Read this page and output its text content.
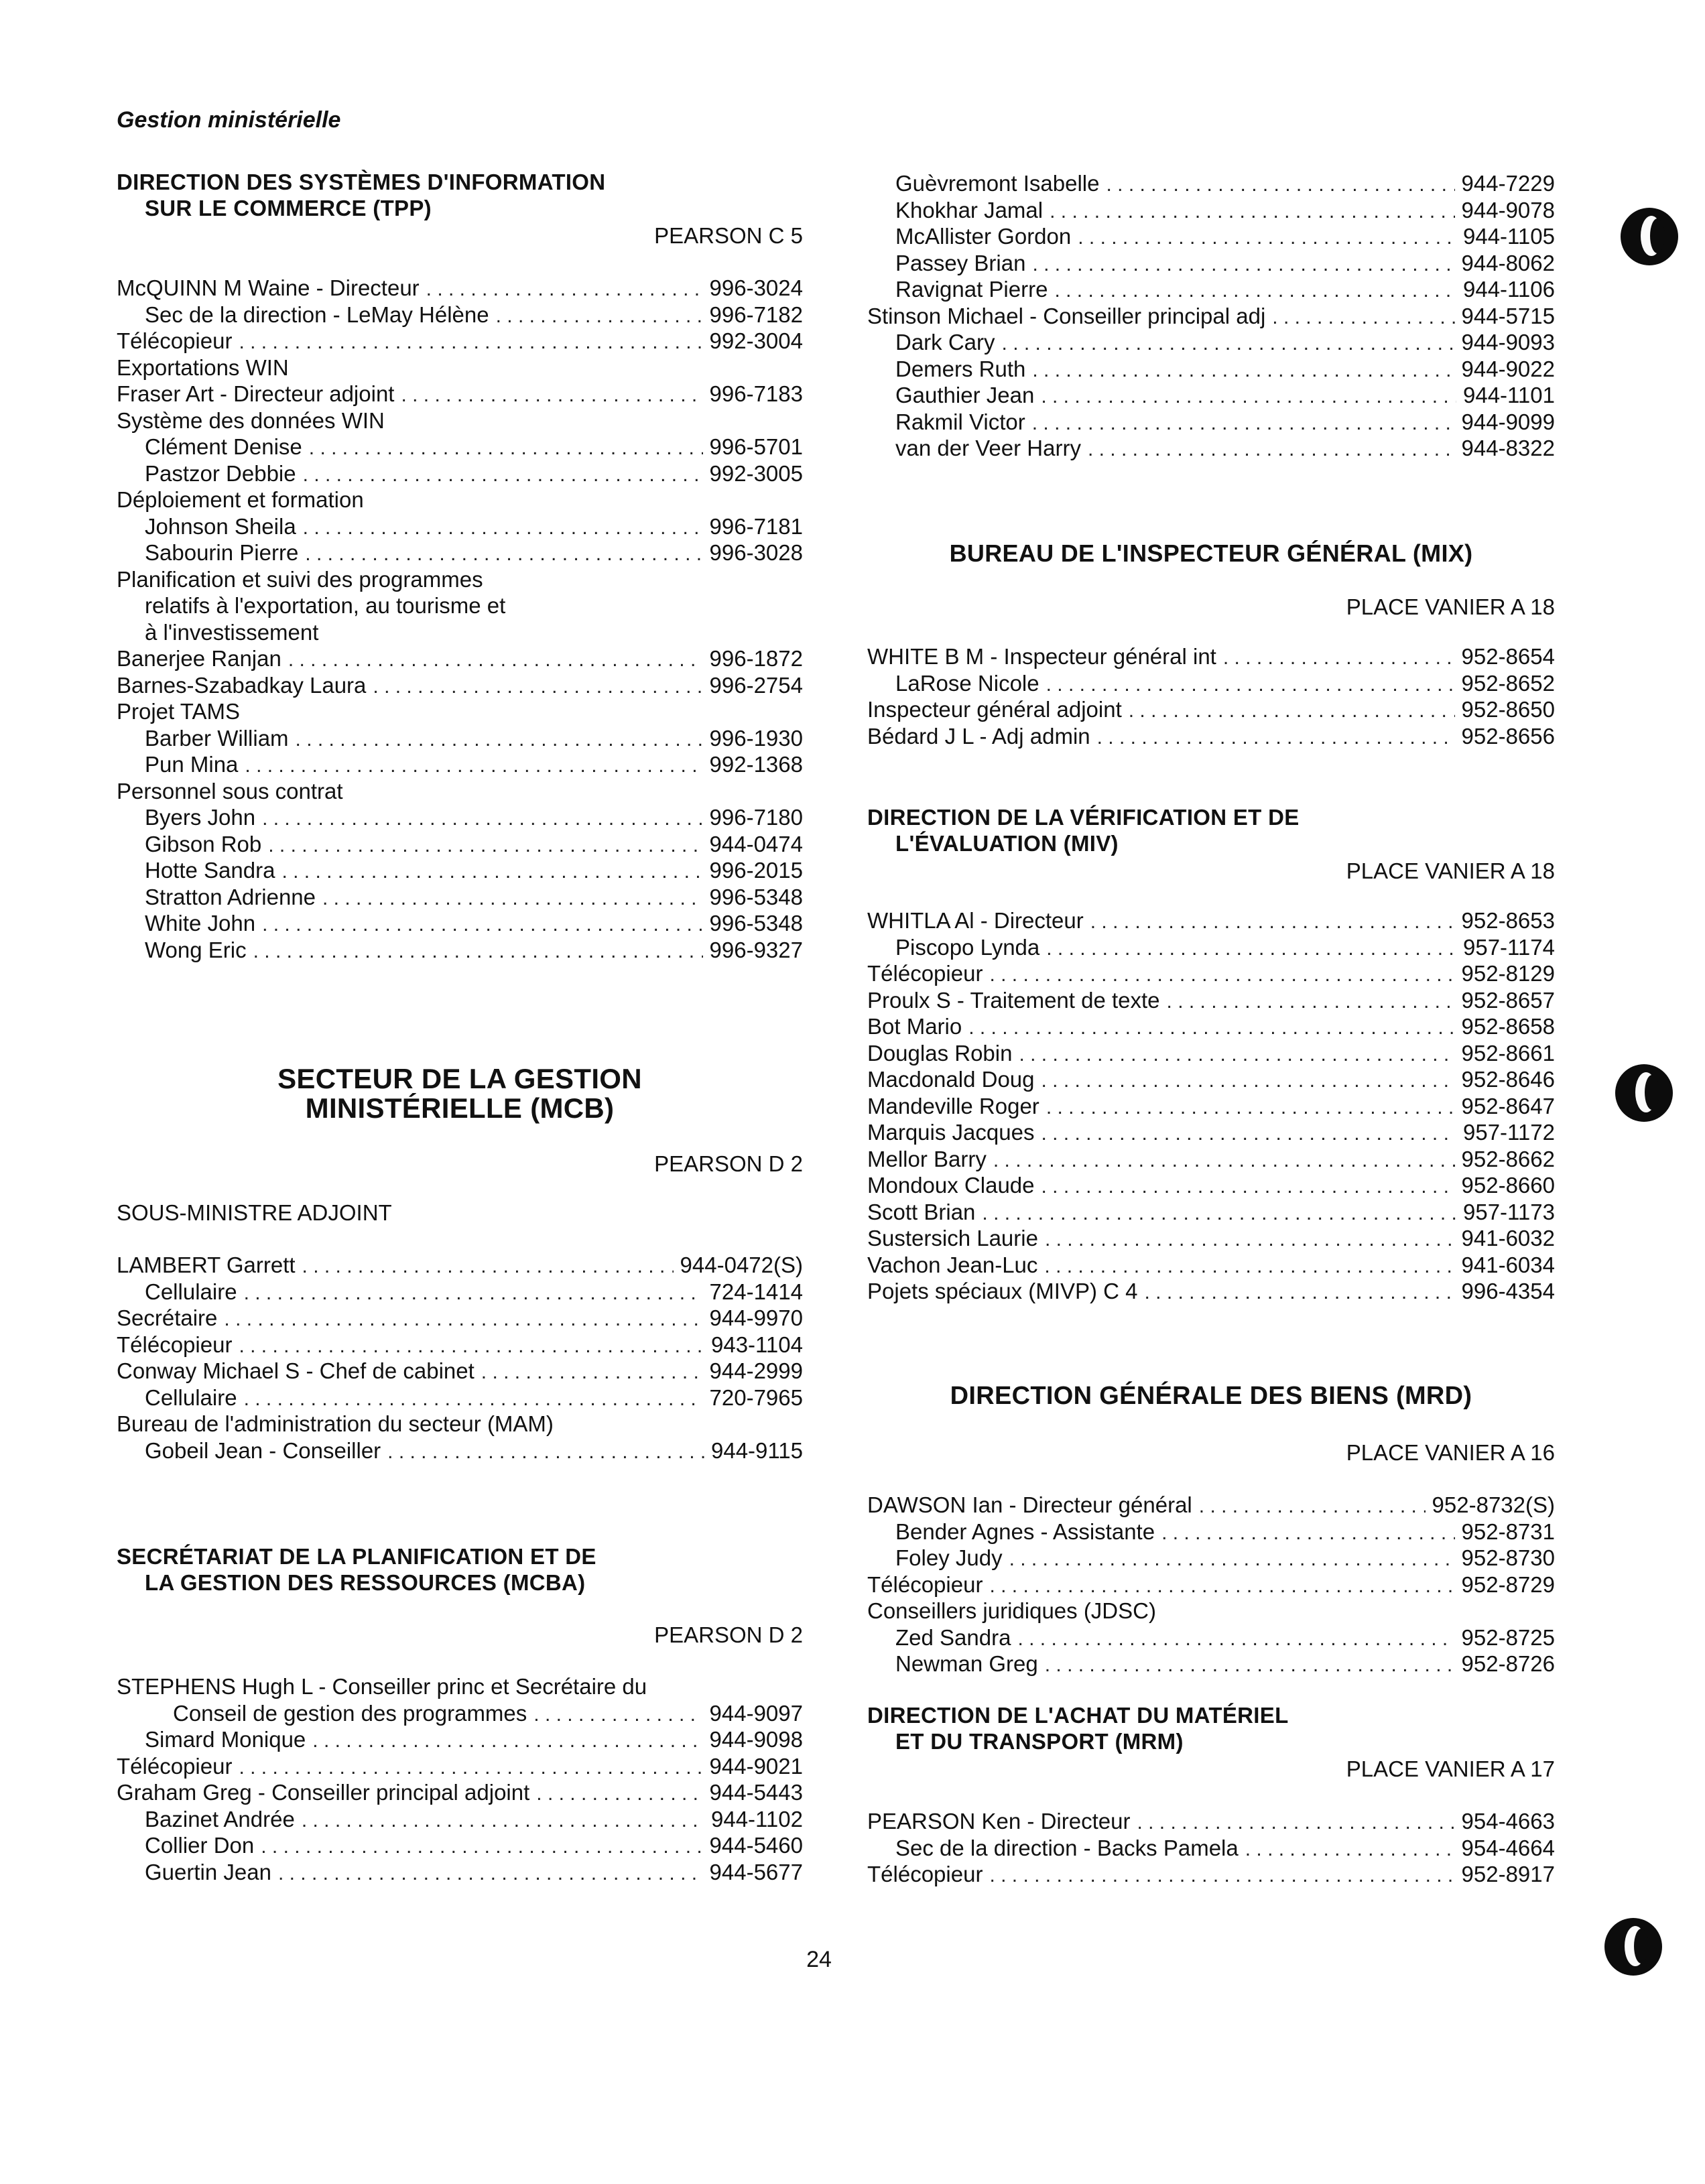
Gestion ministérielle
DIRECTION DES SYSTÈMES D'INFORMATION
SUR LE COMMERCE (TPP)
PEARSON C 5
McQUINN M Waine - Directeur . . .	996-3024
Sec de la direction - LeMay Hélène . . .	996-7182
Télécopieur . . .	992-3004
Exportations WIN
Fraser Art - Directeur adjoint . . .	996-7183
Système des données WIN
Clément Denise . . .	996-5701
Pastzor Debbie . . .	992-3005
Déploiement et formation
Johnson Sheila . . .	996-7181
Sabourin Pierre . . .	996-3028
Planification et suivi des programmes
relatifs à l'exportation, au tourisme et
à l'investissement
Banerjee Ranjan . . .	996-1872
Barnes-Szabadkay Laura . . .	996-2754
Projet TAMS
Barber William . . .	996-1930
Pun Mina . . .	992-1368
Personnel sous contrat
Byers John . . .	996-7180
Gibson Rob . . .	944-0474
Hotte Sandra . . .	996-2015
Stratton Adrienne . . .	996-5348
White John . . .	996-5348
Wong Eric . . .	996-9327
SECTEUR DE LA GESTION
MINISTÉRIELLE (MCB)
PEARSON D 2
SOUS-MINISTRE ADJOINT
LAMBERT Garrett . . .	944-0472(S)
Cellulaire . . .	724-1414
Secrétaire . . .	944-9970
Télécopieur . . .	943-1104
Conway Michael S - Chef de cabinet . . .	944-2999
Cellulaire . . .	720-7965
Bureau de l'administration du secteur (MAM)
Gobeil Jean - Conseiller . . .	944-9115
SECRÉTARIAT DE LA PLANIFICATION ET DE
LA GESTION DES RESSOURCES (MCBA)
PEARSON D 2
STEPHENS Hugh L - Conseiller princ et Secrétaire du
Conseil de gestion des programmes . . .	944-9097
Simard Monique . . .	944-9098
Télécopieur . . .	944-9021
Graham Greg - Conseiller principal adjoint . . .	944-5443
Bazinet Andrée . . .	944-1102
Collier Don . . .	944-5460
Guertin Jean . . .	944-5677
Guèvremont Isabelle . . .	944-7229
Khokhar Jamal . . .	944-9078
McAllister Gordon . . .	944-1105
Passey Brian . . .	944-8062
Ravignat Pierre . . .	944-1106
Stinson Michael - Conseiller principal adj . . .	944-5715
Dark Cary . . .	944-9093
Demers Ruth . . .	944-9022
Gauthier Jean . . .	944-1101
Rakmil Victor . . .	944-9099
van der Veer Harry . . .	944-8322
BUREAU DE L'INSPECTEUR GÉNÉRAL (MIX)
PLACE VANIER A 18
WHITE B M - Inspecteur général int . . .	952-8654
LaRose Nicole . . .	952-8652
Inspecteur général adjoint . . .	952-8650
Bédard J L - Adj admin . . .	952-8656
DIRECTION DE LA VÉRIFICATION ET DE
L'ÉVALUATION (MIV)
PLACE VANIER A 18
WHITLA Al - Directeur . . .	952-8653
Piscopo Lynda . . .	957-1174
Télécopieur . . .	952-8129
Proulx S - Traitement de texte . . .	952-8657
Bot Mario . . .	952-8658
Douglas Robin . . .	952-8661
Macdonald Doug . . .	952-8646
Mandeville Roger . . .	952-8647
Marquis Jacques . . .	957-1172
Mellor Barry . . .	952-8662
Mondoux Claude . . .	952-8660
Scott Brian . . .	957-1173
Sustersich Laurie . . .	941-6032
Vachon Jean-Luc . . .	941-6034
Pojets spéciaux (MIVP) C 4 . . .	996-4354
DIRECTION GÉNÉRALE DES BIENS (MRD)
PLACE VANIER A 16
DAWSON Ian - Directeur général . . .	952-8732(S)
Bender Agnes - Assistante . . .	952-8731
Foley Judy . . .	952-8730
Télécopieur . . .	952-8729
Conseillers juridiques (JDSC)
Zed Sandra . . .	952-8725
Newman Greg . . .	952-8726
DIRECTION DE L'ACHAT DU MATÉRIEL
ET DU TRANSPORT (MRM)
PLACE VANIER A 17
PEARSON Ken - Directeur . . .	954-4663
Sec de la direction - Backs Pamela . . .	954-4664
Télécopieur . . .	952-8917
24
